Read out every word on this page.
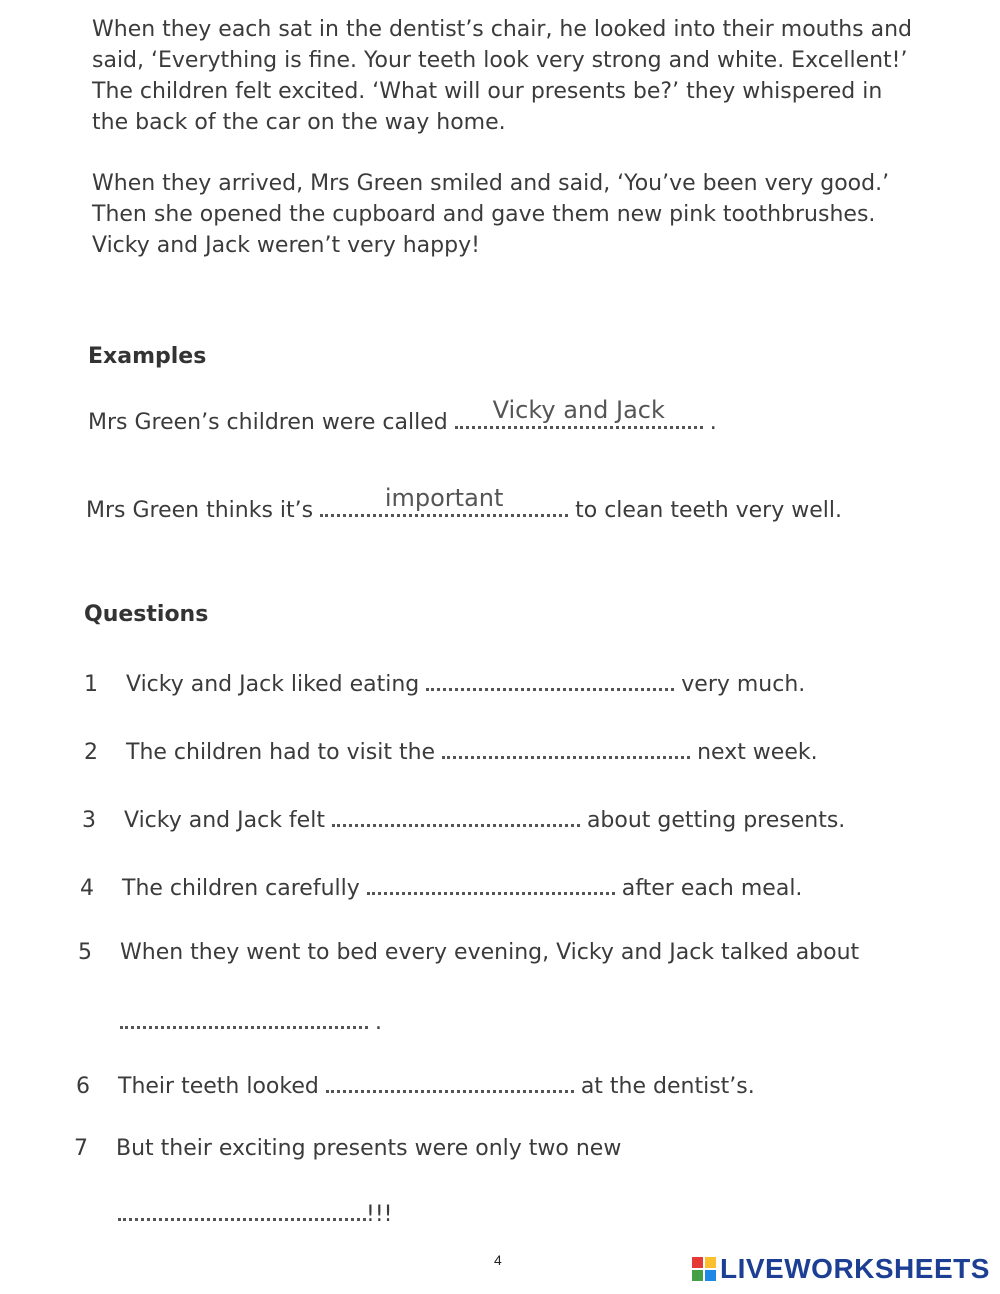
When they each sat in the dentist’s chair, he looked into their mouths and
said, ‘Everything is fine. Your teeth look very strong and white. Excellent!’
The children felt excited. ‘What will our presents be?’ they whispered in
the back of the car on the way home.

When they arrived, Mrs Green smiled and said, ‘You’ve been very good.’
Then she opened the cupboard and gave them new pink toothbrushes.
Vicky and Jack weren’t very happy!

Examples
Mrs Green’s children were called	Vicky and Jack	.
Mrs Green thinks it’s	important	to clean teeth very well.
Questions
1 Vicky and Jack liked eating	very much.
2 The children had to visit the	next week.
3 Vicky and Jack felt	about getting presents.
4 The children carefully	after each meal.
5 When they went to bed every evening, Vicky and Jack talked about
.
6 Their teeth looked	at the dentist’s.
7 But their exciting presents were only two new
!!!
4	LIVEWORKSHEETS
